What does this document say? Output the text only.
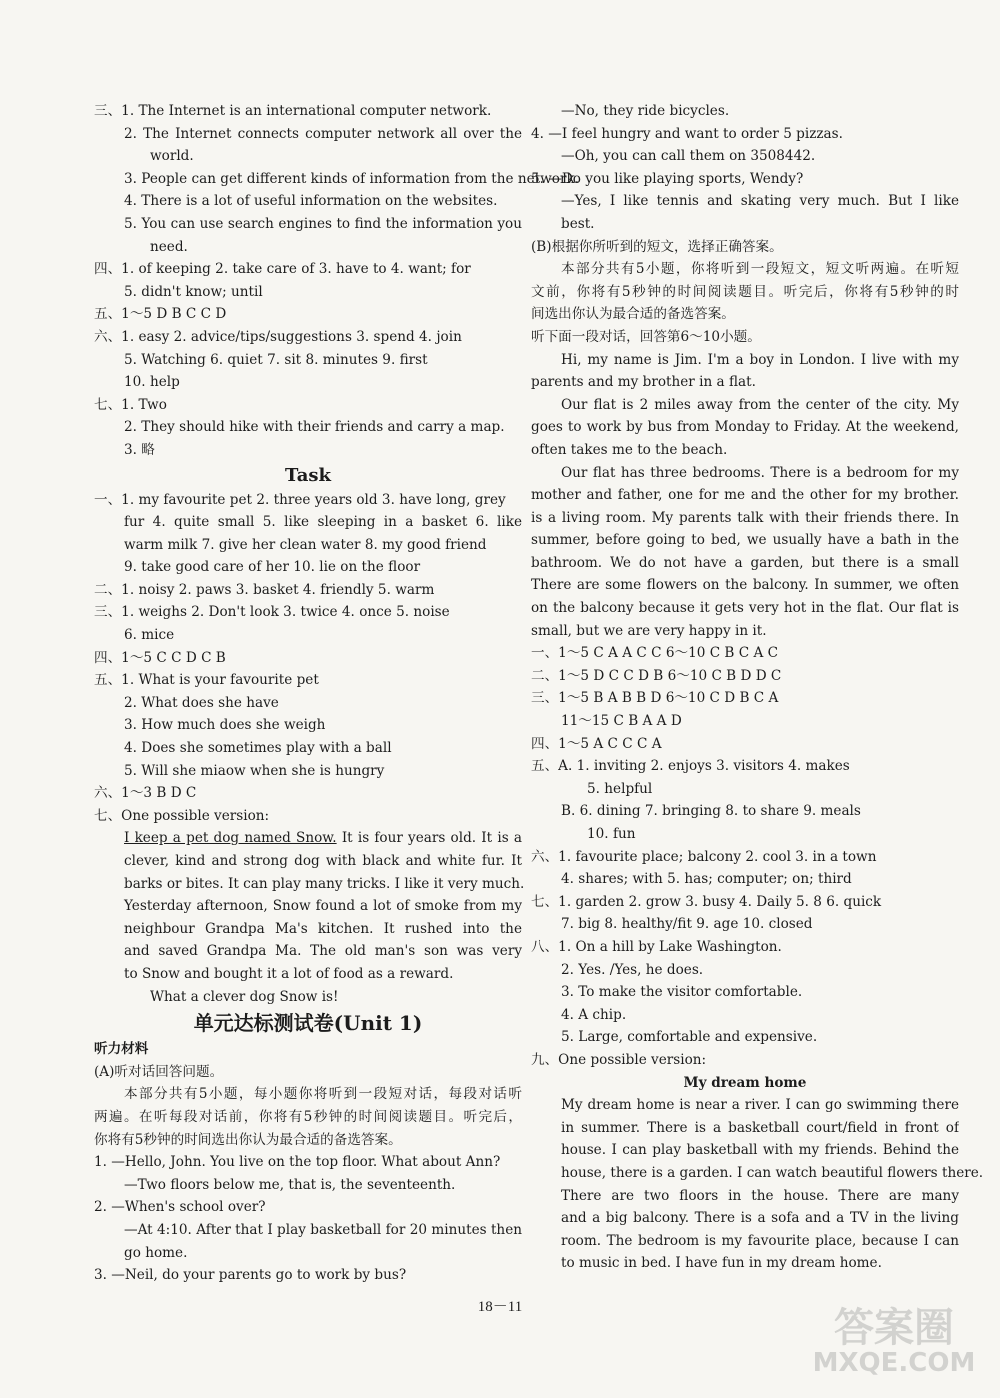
三、1. The Internet is an international computer network.
2. The Internet connects computer network all over the
world.
3. People can get different kinds of information from the network.
4. There is a lot of useful information on the websites.
5. You can use search engines to find the information you
need.
四、1. of keeping 2. take care of 3. have to 4. want; for
5. didn't know; until
五、1～5 D B C C D
六、1. easy 2. advice/tips/suggestions 3. spend 4. join
5. Watching 6. quiet 7. sit 8. minutes 9. first
10. help
七、1. Two
2. They should hike with their friends and carry a map.
3. 略
Task
一、1. my favourite pet 2. three years old 3. have long, grey
fur 4. quite small 5. like sleeping in a basket 6. like
warm milk 7. give her clean water 8. my good friend
9. take good care of her 10. lie on the floor
二、1. noisy 2. paws 3. basket 4. friendly 5. warm
三、1. weighs 2. Don't look 3. twice 4. once 5. noise
6. mice
四、1～5 C C D C B
五、1. What is your favourite pet
2. What does she have
3. How much does she weigh
4. Does she sometimes play with a ball
5. Will she miaow when she is hungry
六、1～3 B D C
七、One possible version:
I keep a pet dog named Snow. It is four years old. It is a
clever, kind and strong dog with black and white fur. It
barks or bites. It can play many tricks. I like it very much.
Yesterday afternoon, Snow found a lot of smoke from my
neighbour Grandpa Ma's kitchen. It rushed into the
and saved Grandpa Ma. The old man's son was very
to Snow and bought it a lot of food as a reward.
What a clever dog Snow is!
单元达标测试卷(Unit 1)
听力材料
(A)听对话回答问题。
本部分共有5小题，每小题你将听到一段短对话，每段对话听
两遍。在听每段对话前，你将有5秒钟的时间阅读题目。听完后，
你将有5秒钟的时间选出你认为最合适的备选答案。
1. —Hello, John. You live on the top floor. What about Ann?
—Two floors below me, that is, the seventeenth.
2. —When's school over?
—At 4:10. After that I play basketball for 20 minutes then
go home.
3. —Neil, do your parents go to work by bus?
—No, they ride bicycles.
4. —I feel hungry and want to order 5 pizzas.
—Oh, you can call them on 3508442.
5. —Do you like playing sports, Wendy?
—Yes, I like tennis and skating very much. But I like
best.
(B)根据你所听到的短文，选择正确答案。
本部分共有5小题，你将听到一段短文，短文听两遍。在听短
文前，你将有5秒钟的时间阅读题目。听完后，你将有5秒钟的时
间选出你认为最合适的备选答案。
听下面一段对话，回答第6～10小题。
Hi, my name is Jim. I'm a boy in London. I live with my
parents and my brother in a flat.
Our flat is 2 miles away from the center of the city. My
goes to work by bus from Monday to Friday. At the weekend,
often takes me to the beach.
Our flat has three bedrooms. There is a bedroom for my
mother and father, one for me and the other for my brother.
is a living room. My parents talk with their friends there. In
summer, before going to bed, we usually have a bath in the
bathroom. We do not have a garden, but there is a small
There are some flowers on the balcony. In summer, we often
on the balcony because it gets very hot in the flat. Our flat is
small, but we are very happy in it.
一、1～5 C A A C C 6～10 C B C A C
二、1～5 D C C D B 6～10 C B D D C
三、1～5 B A B B D 6～10 C D B C A
11～15 C B A A D
四、1～5 A C C C A
五、A. 1. inviting 2. enjoys 3. visitors 4. makes
5. helpful
B. 6. dining 7. bringing 8. to share 9. meals
10. fun
六、1. favourite place; balcony 2. cool 3. in a town
4. shares; with 5. has; computer; on; third
七、1. garden 2. grow 3. busy 4. Daily 5. 8 6. quick
7. big 8. healthy/fit 9. age 10. closed
八、1. On a hill by Lake Washington.
2. Yes. /Yes, he does.
3. To make the visitor comfortable.
4. A chip.
5. Large, comfortable and expensive.
九、One possible version:
My dream home
My dream home is near a river. I can go swimming there
in summer. There is a basketball court/field in front of
house. I can play basketball with my friends. Behind the
house, there is a garden. I can watch beautiful flowers there.
There are two floors in the house. There are many
and a big balcony. There is a sofa and a TV in the living
room. The bedroom is my favourite place, because I can
to music in bed. I have fun in my dream home.
18－11	答案圈
MXQE.COM
